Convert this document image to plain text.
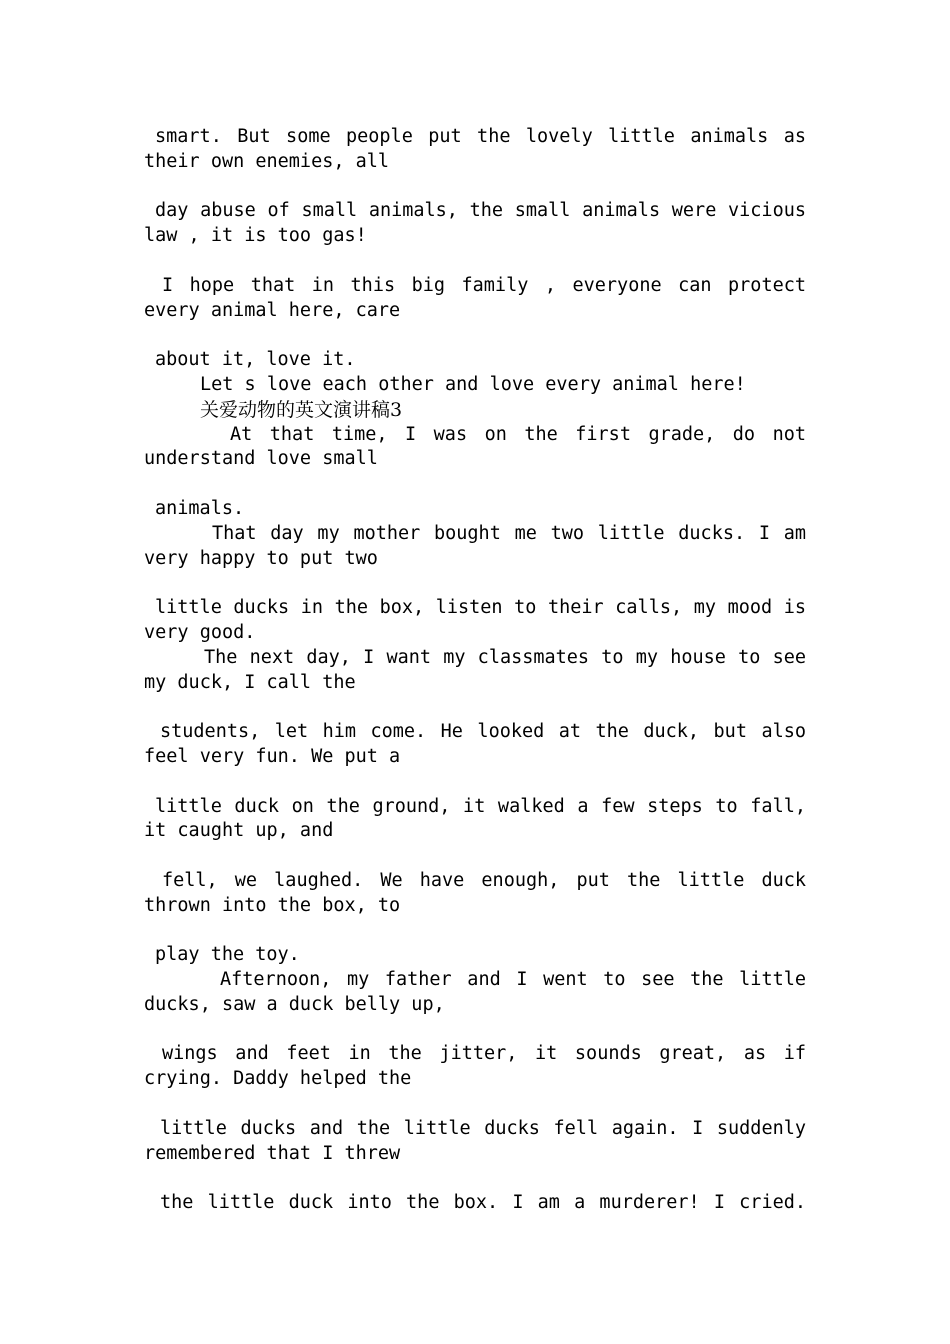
smart. But some people put the lovely little animals as
their own enemies, all
day abuse of small animals, the small animals were vicious
law , it is too gas!
I hope that in this big family , everyone can protect
every animal here, care
about it, love it.
Let s love each other and love every animal here!
关爱动物的英文演讲稿3
At that time, I was on the first grade, do not
understand love small
animals.
That day my mother bought me two little ducks. I am
very happy to put two
little ducks in the box, listen to their calls, my mood is
very good.
The next day, I want my classmates to my house to see
my duck, I call the
students, let him come. He looked at the duck, but also
feel very fun. We put a
little duck on the ground, it walked a few steps to fall,
it caught up, and
fell, we laughed. We have enough, put the little duck
thrown into the box, to
play the toy.
Afternoon, my father and I went to see the little
ducks, saw a duck belly up,
wings and feet in the jitter, it sounds great, as if
crying. Daddy helped the
little ducks and the little ducks fell again. I suddenly
remembered that I threw
the little duck into the box. I am a murderer! I cried.
